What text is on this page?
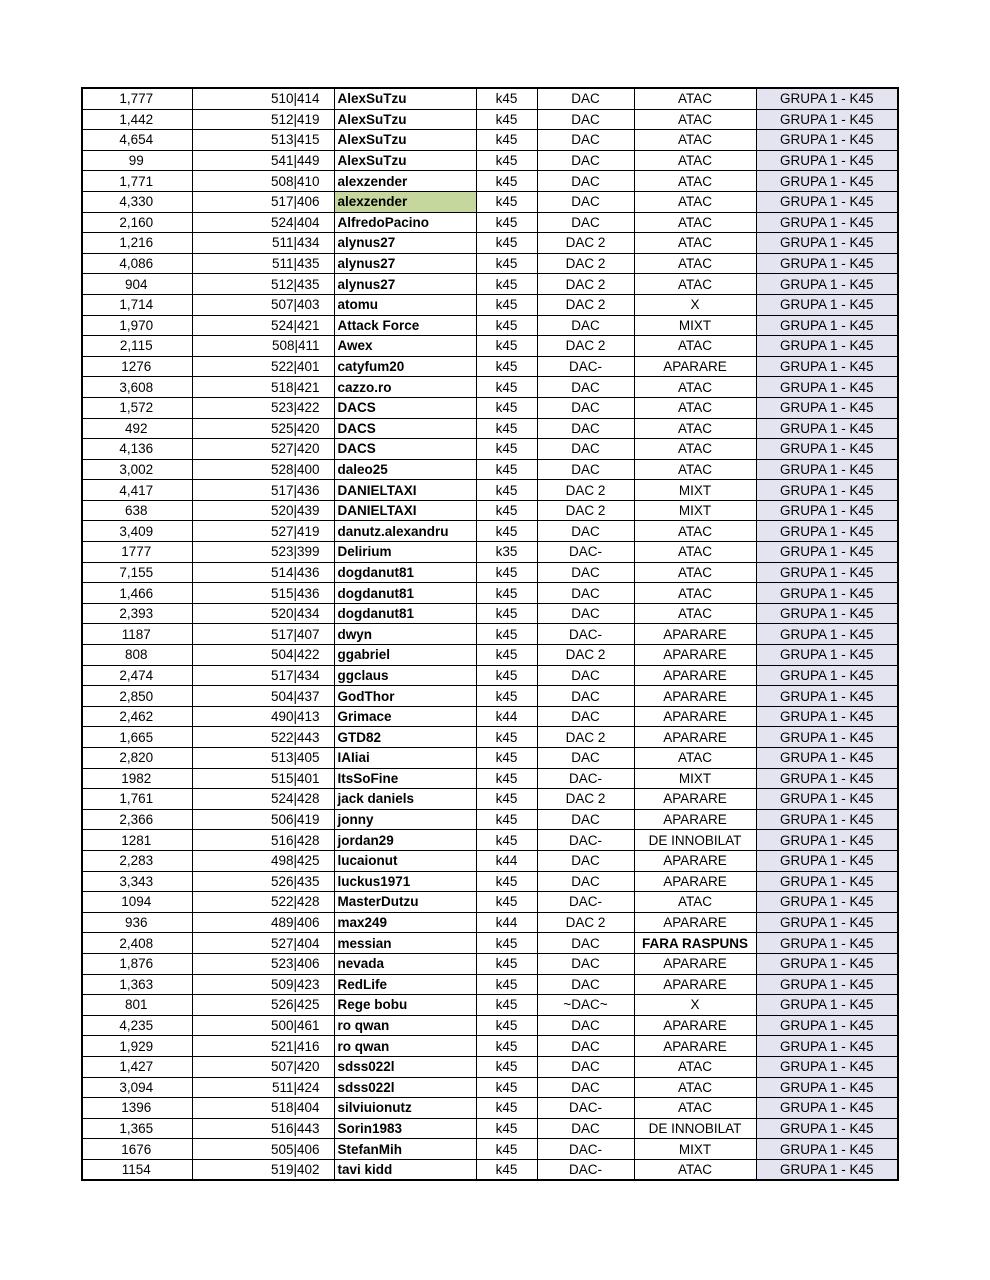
1,777	510|414	AlexSuTzu	k45	DAC	ATAC	GRUPA 1 - K45
1,442	512|419	AlexSuTzu	k45	DAC	ATAC	GRUPA 1 - K45
4,654	513|415	AlexSuTzu	k45	DAC	ATAC	GRUPA 1 - K45
99	541|449	AlexSuTzu	k45	DAC	ATAC	GRUPA 1 - K45
1,771	508|410	alexzender	k45	DAC	ATAC	GRUPA 1 - K45
4,330	517|406	alexzender	k45	DAC	ATAC	GRUPA 1 - K45
2,160	524|404	AlfredoPacino	k45	DAC	ATAC	GRUPA 1 - K45
1,216	511|434	alynus27	k45	DAC 2	ATAC	GRUPA 1 - K45
4,086	511|435	alynus27	k45	DAC 2	ATAC	GRUPA 1 - K45
904	512|435	alynus27	k45	DAC 2	ATAC	GRUPA 1 - K45
1,714	507|403	atomu	k45	DAC 2	X	GRUPA 1 - K45
1,970	524|421	Attack Force	k45	DAC	MIXT	GRUPA 1 - K45
2,115	508|411	Awex	k45	DAC 2	ATAC	GRUPA 1 - K45
1276	522|401	catyfum20	k45	DAC-	APARARE	GRUPA 1 - K45
3,608	518|421	cazzo.ro	k45	DAC	ATAC	GRUPA 1 - K45
1,572	523|422	DACS	k45	DAC	ATAC	GRUPA 1 - K45
492	525|420	DACS	k45	DAC	ATAC	GRUPA 1 - K45
4,136	527|420	DACS	k45	DAC	ATAC	GRUPA 1 - K45
3,002	528|400	daleo25	k45	DAC	ATAC	GRUPA 1 - K45
4,417	517|436	DANIELTAXI	k45	DAC 2	MIXT	GRUPA 1 - K45
638	520|439	DANIELTAXI	k45	DAC 2	MIXT	GRUPA 1 - K45
3,409	527|419	danutz.alexandru	k45	DAC	ATAC	GRUPA 1 - K45
1777	523|399	Delirium	k35	DAC-	ATAC	GRUPA 1 - K45
7,155	514|436	dogdanut81	k45	DAC	ATAC	GRUPA 1 - K45
1,466	515|436	dogdanut81	k45	DAC	ATAC	GRUPA 1 - K45
2,393	520|434	dogdanut81	k45	DAC	ATAC	GRUPA 1 - K45
1187	517|407	dwyn	k45	DAC-	APARARE	GRUPA 1 - K45
808	504|422	ggabriel	k45	DAC 2	APARARE	GRUPA 1 - K45
2,474	517|434	ggclaus	k45	DAC	APARARE	GRUPA 1 - K45
2,850	504|437	GodThor	k45	DAC	APARARE	GRUPA 1 - K45
2,462	490|413	Grimace	k44	DAC	APARARE	GRUPA 1 - K45
1,665	522|443	GTD82	k45	DAC 2	APARARE	GRUPA 1 - K45
2,820	513|405	IAIiai	k45	DAC	ATAC	GRUPA 1 - K45
1982	515|401	ItsSoFine	k45	DAC-	MIXT	GRUPA 1 - K45
1,761	524|428	jack daniels	k45	DAC 2	APARARE	GRUPA 1 - K45
2,366	506|419	jonny	k45	DAC	APARARE	GRUPA 1 - K45
1281	516|428	jordan29	k45	DAC-	DE INNOBILAT	GRUPA 1 - K45
2,283	498|425	lucaionut	k44	DAC	APARARE	GRUPA 1 - K45
3,343	526|435	luckus1971	k45	DAC	APARARE	GRUPA 1 - K45
1094	522|428	MasterDutzu	k45	DAC-	ATAC	GRUPA 1 - K45
936	489|406	max249	k44	DAC 2	APARARE	GRUPA 1 - K45
2,408	527|404	messian	k45	DAC	FARA RASPUNS	GRUPA 1 - K45
1,876	523|406	nevada	k45	DAC	APARARE	GRUPA 1 - K45
1,363	509|423	RedLife	k45	DAC	APARARE	GRUPA 1 - K45
801	526|425	Rege bobu	k45	~DAC~	X	GRUPA 1 - K45
4,235	500|461	ro qwan	k45	DAC	APARARE	GRUPA 1 - K45
1,929	521|416	ro qwan	k45	DAC	APARARE	GRUPA 1 - K45
1,427	507|420	sdss022l	k45	DAC	ATAC	GRUPA 1 - K45
3,094	511|424	sdss022l	k45	DAC	ATAC	GRUPA 1 - K45
1396	518|404	silviuionutz	k45	DAC-	ATAC	GRUPA 1 - K45
1,365	516|443	Sorin1983	k45	DAC	DE INNOBILAT	GRUPA 1 - K45
1676	505|406	StefanMih	k45	DAC-	MIXT	GRUPA 1 - K45
1154	519|402	tavi kidd	k45	DAC-	ATAC	GRUPA 1 - K45
